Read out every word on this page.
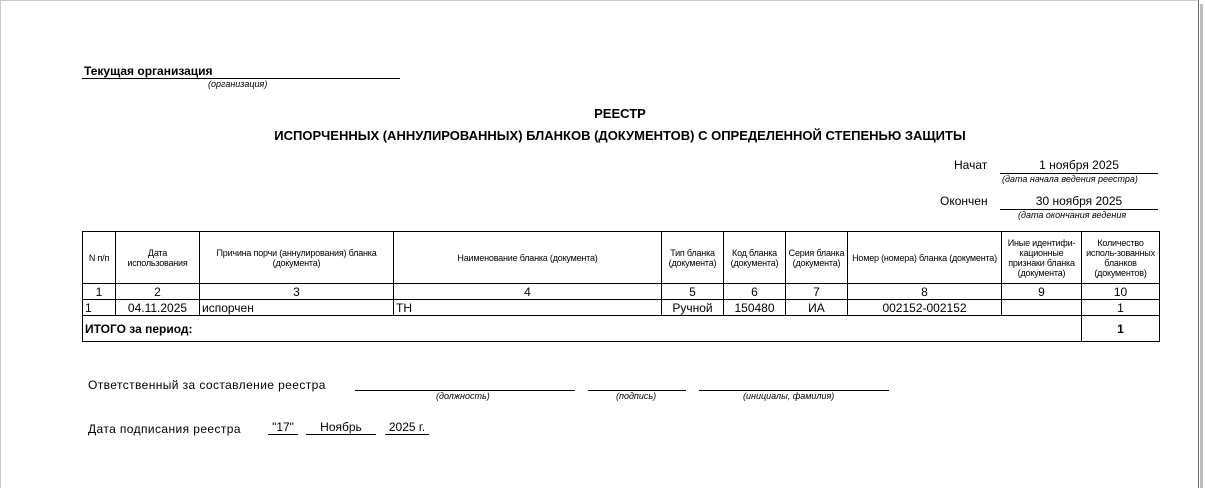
Текущая организация
(организация)
РЕЕСТР
ИСПОРЧЕННЫХ (АННУЛИРОВАННЫХ) БЛАНКОВ (ДОКУМЕНТОВ) С ОПРЕДЕЛЕННОЙ СТЕПЕНЬЮ ЗАЩИТЫ
Начат	1 ноября 2025
(дата начала ведения реестра)
Окончен	30 ноября 2025
(дата окончания ведения
N п/п	Дата использования	Причина порчи (аннулирования) бланка (документа)	Наименование бланка (документа)	Тип бланка (документа)	Код бланка (документа)	Серия бланка (документа)	Номер (номера) бланка (документа)	Иные идентифи-кационные признаки бланка (документа)	Количество исполь-зованных бланков (документов)
1	2	3	4	5	6	7	8	9	10
1	04.11.2025	испорчен	ТН	Ручной	150480	ИА	002152-002152		1
ИТОГО за период:									1
Ответственный за составление реестра
(должность)	(подпись)	(инициалы, фамилия)
Дата подписания реестра	"17"	Ноябрь	2025 г.
